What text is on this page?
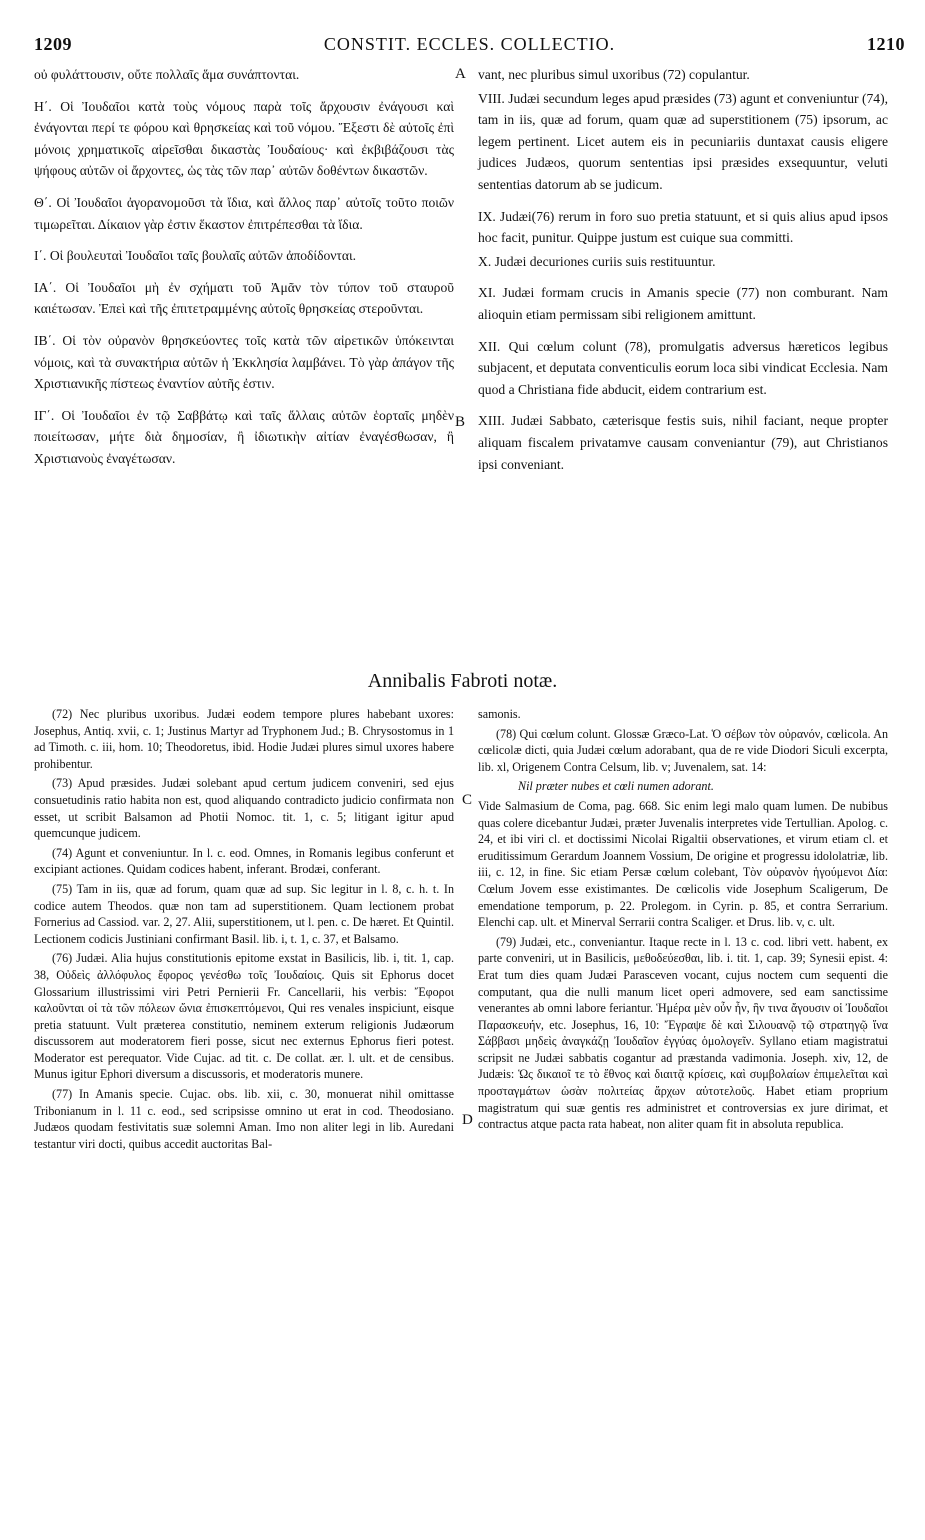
1209	CONSTIT. ECCLES. COLLECTIO.	1210
A
B
C
D

οὐ φυλάττουσιν, οὔτε πολλαῖς ἅμα συνάπτονται.

Η΄. Οἱ Ἰουδαῖοι κατὰ τοὺς νόμους παρὰ τοῖς ἄρχουσιν ἐνάγουσι καὶ ἐνάγονται περί τε φόρου καὶ θρησκείας καὶ τοῦ νόμου. Ἔξεστι δὲ αὐτοῖς ἐπὶ μόνοις χρηματικοῖς αἱρεῖσθαι δικαστὰς Ἰουδαίους· καὶ ἐκβιβάζουσι τὰς ψήφους αὐτῶν οἱ ἄρχοντες, ὡς τὰς τῶν παρ᾽ αὐτῶν δοθέντων δικαστῶν.

Θ΄. Οἱ Ἰουδαῖοι ἀγορανομοῦσι τὰ ἴδια, καὶ ἄλλος παρ᾽ αὐτοῖς τοῦτο ποιῶν τιμωρεῖται. Δίκαιον γὰρ ἐστιν ἕκαστον ἐπιτρέπεσθαι τὰ ἴδια.

Ι΄. Οἱ βουλευταὶ Ἰουδαῖοι ταῖς βουλαῖς αὐτῶν ἀποδίδονται.

ΙΑ΄. Οἱ Ἰουδαῖοι μὴ ἐν σχήματι τοῦ Ἀμᾶν τὸν τύπον τοῦ σταυροῦ καιέτωσαν. Ἐπεὶ καὶ τῆς ἐπιτετραμμένης αὐτοῖς θρησκείας στεροῦνται.

ΙΒ΄. Οἱ τὸν οὐρανὸν θρησκεύοντες τοῖς κατὰ τῶν αἱρετικῶν ὑπόκεινται νόμοις, καὶ τὰ συνακτήρια αὐτῶν ἡ Ἐκκλησία λαμβάνει. Τὸ γὰρ ἀπάγον τῆς Χριστιανικῆς πίστεως ἐναντίον αὐτῆς ἐστιν.

ΙΓ΄. Οἱ Ἰουδαῖοι ἐν τῷ Σαββάτῳ καὶ ταῖς ἄλλαις αὐτῶν ἑορταῖς μηδὲν ποιείτωσαν, μήτε διὰ δημοσίαν, ἢ ἰδιωτικὴν αἰτίαν ἐναγέσθωσαν, ἢ Χριστιανοὺς ἐναγέτωσαν.

vant, nec pluribus simul uxoribus (72) copulantur.

VIII. Judæi secundum leges apud præsides (73) agunt et conveniuntur (74), tam in iis, quæ ad forum, quam quæ ad superstitionem (75) ipsorum, ac legem pertinent. Licet autem eis in pecuniariis duntaxat causis eligere judices Judæos, quorum sententias ipsi præsides exsequuntur, veluti sententias datorum ab se judicum.

IX. Judæi(76) rerum in foro suo pretia statuunt, et si quis alius apud ipsos hoc facit, punitur. Quippe justum est cuique sua committi.

X. Judæi decuriones curiis suis restituuntur.

XI. Judæi formam crucis in Amanis specie (77) non comburant. Nam alioquin etiam permissam sibi religionem amittunt.

XII. Qui cœlum colunt (78), promulgatis adversus hæreticos legibus subjacent, et deputata conventiculis eorum loca sibi vindicat Ecclesia. Nam quod a Christiana fide abducit, eidem contrarium est.

XIII. Judæi Sabbato, cæterisque festis suis, nihil faciant, neque propter aliquam fiscalem privatamve causam conveniantur (79), aut Christianos ipsi conveniant.

Annibalis Fabroti notæ.

(72) Nec pluribus uxoribus. Judæi eodem tempore plures habebant uxores: Josephus, Antiq. xvii, c. 1; Justinus Martyr ad Tryphonem Jud.; B. Chrysostomus in 1 ad Timoth. c. iii, hom. 10; Theodoretus, ibid. Hodie Judæi plures simul uxores habere prohibentur.

(73) Apud præsides. Judæi solebant apud certum judicem conveniri, sed ejus consuetudinis ratio habita non est, quod aliquando contradicto judicio confirmata non esset, ut scribit Balsamon ad Photii Nomoc. tit. 1, c. 5; litigant igitur apud quemcunque judicem.

(74) Agunt et conveniuntur. In l. c. eod. Omnes, in Romanis legibus conferunt et excipiant actiones. Quidam codices habent, inferant. Brodæi, conferant.

(75) Tam in iis, quæ ad forum, quam quæ ad sup. Sic legitur in l. 8, c. h. t. In codice autem Theodos. quæ non tam ad superstitionem. Quam lectionem probat Fornerius ad Cassiod. var. 2, 27. Alii, superstitionem, ut l. pen. c. De hæret. Et Quintil. Lectionem codicis Justiniani confirmant Basil. lib. i, t. 1, c. 37, et Balsamo.

(76) Judæi. Alia hujus constitutionis epitome exstat in Basilicis, lib. i, tit. 1, cap. 38, Οὐδεὶς ἀλλόφυλος ἔφορος γενέσθω τοῖς Ἰουδαίοις. Quis sit Ephorus docet Glossarium illustrissimi viri Petri Pernierii Fr. Cancellarii, his verbis: Ἔφοροι καλοῦνται οἱ τὰ τῶν πόλεων ὤνια ἐπισκεπτόμενοι, Qui res venales inspiciunt, eisque pretia statuunt. Vult præterea constitutio, neminem exterum religionis Judæorum discussorem aut moderatorem fieri posse, sicut nec externus Ephorus fieri potest. Moderator est perequator. Vide Cujac. ad tit. c. De collat. ær. l. ult. et de censibus. Munus igitur Ephori diversum a discussoris, et moderatoris munere.

(77) In Amanis specie. Cujac. obs. lib. xii, c. 30, monuerat nihil omittasse Tribonianum in l. 11 c. eod., sed scripsisse omnino ut erat in cod. Theodosiano. Judæos quodam festivitatis suæ solemni Aman. Imo non aliter legi in lib. Auredani testantur viri docti, quibus accedit auctoritas Bal-

samonis.

(78) Qui cœlum colunt. Glossæ Græco-Lat. Ὁ σέβων τὸν οὐρανόν, cœlicola. An cœlicolæ dicti, quia Judæi cœlum adorabant, qua de re vide Diodori Siculi excerpta, lib. xl, Origenem Contra Celsum, lib. v; Juvenalem, sat. 14:

Nil præter nubes et cœli numen adorant.

Vide Salmasium de Coma, pag. 668. Sic enim legi malo quam lumen. De nubibus quas colere dicebantur Judæi, præter Juvenalis interpretes vide Tertullian. Apolog. c. 24, et ibi viri cl. et doctissimi Nicolai Rigaltii observationes, et virum etiam cl. et eruditissimum Gerardum Joannem Vossium, De origine et progressu idololatriæ, lib. iii, c. 12, in fine. Sic etiam Persæ cœlum colebant, Τὸν οὐρανὸν ἡγούμενοι Δία: Cœlum Jovem esse existimantes. De cœlicolis vide Josephum Scaligerum, De emendatione temporum, p. 22. Prolegom. in Cyrin. p. 85, et contra Serrarium. Elenchi cap. ult. et Minerval Serrarii contra Scaliger. et Drus. lib. v, c. ult.

(79) Judæi, etc., conveniantur. Itaque recte in l. 13 c. cod. libri vett. habent, ex parte conveniri, ut in Basilicis, μεθοδεύεσθαι, lib. i. tit. 1, cap. 39; Synesii epist. 4: Erat tum dies quam Judæi Parasceven vocant, cujus noctem cum sequenti die computant, qua die nulli manum licet operi admovere, sed eam sanctissime venerantes ab omni labore feriantur. Ἡμέρα μὲν οὖν ἦν, ἣν τινα ἄγουσιν οἱ Ἰουδαῖοι Παρασκευήν, etc. Josephus, 16, 10: Ἔγραψε δὲ καὶ Σιλουανῷ τῷ στρατηγῷ ἵνα Σάββασι μηδεὶς ἀναγκάζῃ Ἰουδαῖον ἐγγύας ὁμολογεῖν. Syllano etiam magistratui scripsit ne Judæi sabbatis cogantur ad præstanda vadimonia. Joseph. xiv, 12, de Judæis: Ὡς δικαιοῖ τε τὸ ἔθνος καὶ διαιτᾷ κρίσεις, καὶ συμβολαίων ἐπιμελεῖται καὶ προσταγμάτων ὡσὰν πολιτείας ἄρχων αὐτοτελοῦς. Habet etiam proprium magistratum qui suæ gentis res administret et controversias ex jure dirimat, et contractus atque pacta rata habeat, non aliter quam fit in absoluta republica.
